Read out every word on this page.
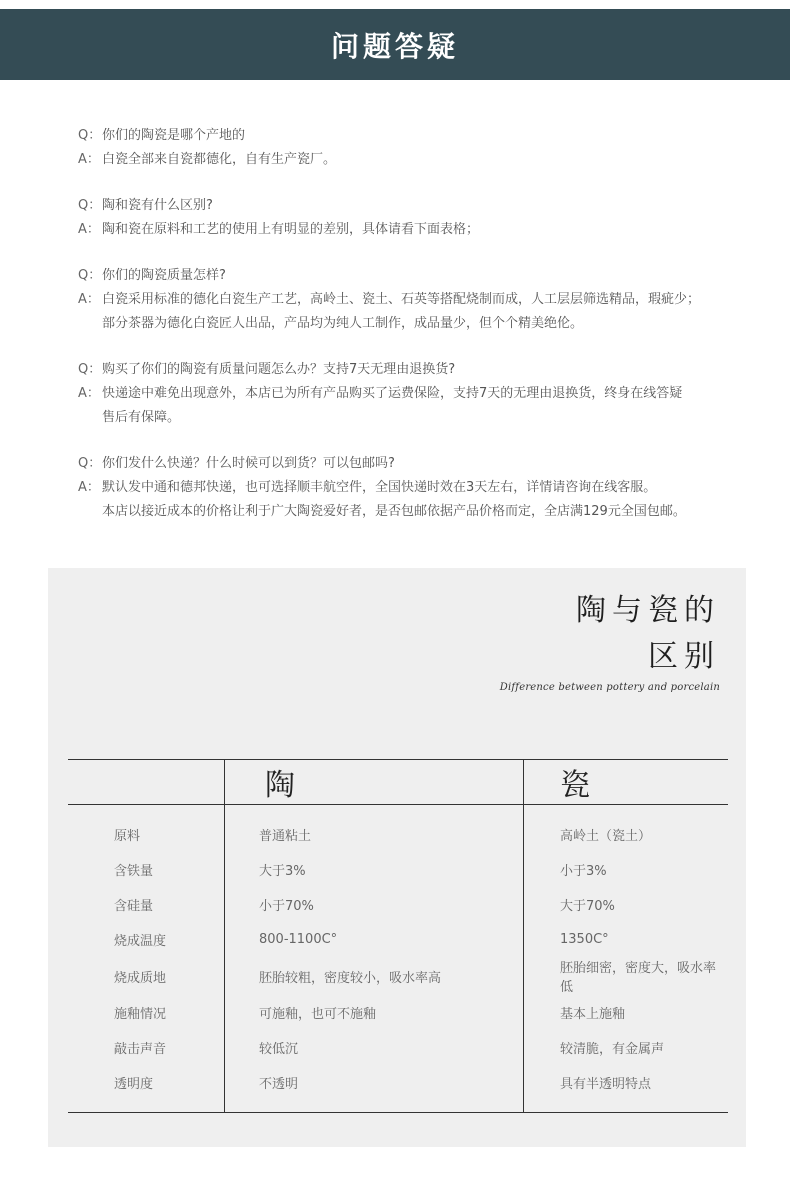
问题答疑
Q： 你们的陶瓷是哪个产地的
A： 白瓷全部来自瓷都德化，自有生产瓷厂。
Q： 陶和瓷有什么区别?
A： 陶和瓷在原料和工艺的使用上有明显的差别，具体请看下面表格；
Q： 你们的陶瓷质量怎样?
A： 白瓷采用标准的德化白瓷生产工艺，高岭土、瓷土、石英等搭配烧制而成，人工层层筛选精品，瑕疵少；
部分茶器为德化白瓷匠人出品，产品均为纯人工制作，成品量少，但个个精美绝伦。
Q： 购买了你们的陶瓷有质量问题怎么办？支持7天无理由退换货?
A： 快递途中难免出现意外，本店已为所有产品购买了运费保险，支持7天的无理由退换货，终身在线答疑
售后有保障。
Q： 你们发什么快递？什么时候可以到货？可以包邮吗?
A： 默认发中通和德邦快递，也可选择顺丰航空件，全国快递时效在3天左右，详情请咨询在线客服。
本店以接近成本的价格让利于广大陶瓷爱好者，是否包邮依据产品价格而定，全店满129元全国包邮。
陶与瓷的
区别
Difference between pottery and porcelain
	陶	瓷
原料	普通粘土	高岭土（瓷土）
含铁量	大于3%	小于3%
含硅量	小于70%	大于70%
烧成温度	800-1100C°	1350C°
烧成质地	胚胎较粗，密度较小，吸水率高	胚胎细密，密度大，吸水率低
施釉情况	可施釉，也可不施釉	基本上施釉
敲击声音	较低沉	较清脆，有金属声
透明度	不透明	具有半透明特点
